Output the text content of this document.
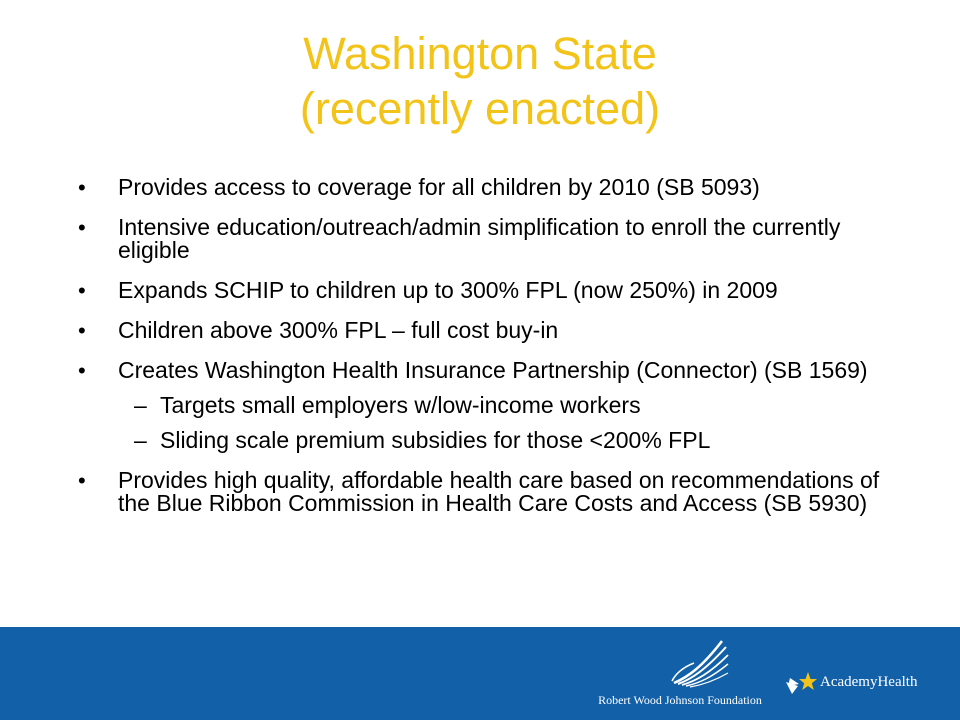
Washington State
(recently enacted)
• Provides access to coverage for all children by 2010 (SB 5093)
• Intensive education/outreach/admin simplification to enroll the currently eligible
• Expands SCHIP to children up to 300% FPL (now 250%) in 2009
• Children above 300% FPL – full cost buy-in
• Creates Washington Health Insurance Partnership (Connector) (SB 1569)
– Targets small employers w/low-income workers
– Sliding scale premium subsidies for those <200% FPL
• Provides high quality, affordable health care based on recommendations of the Blue Ribbon Commission in Health Care Costs and Access (SB 5930)
Robert Wood Johnson Foundation
AcademyHealth
